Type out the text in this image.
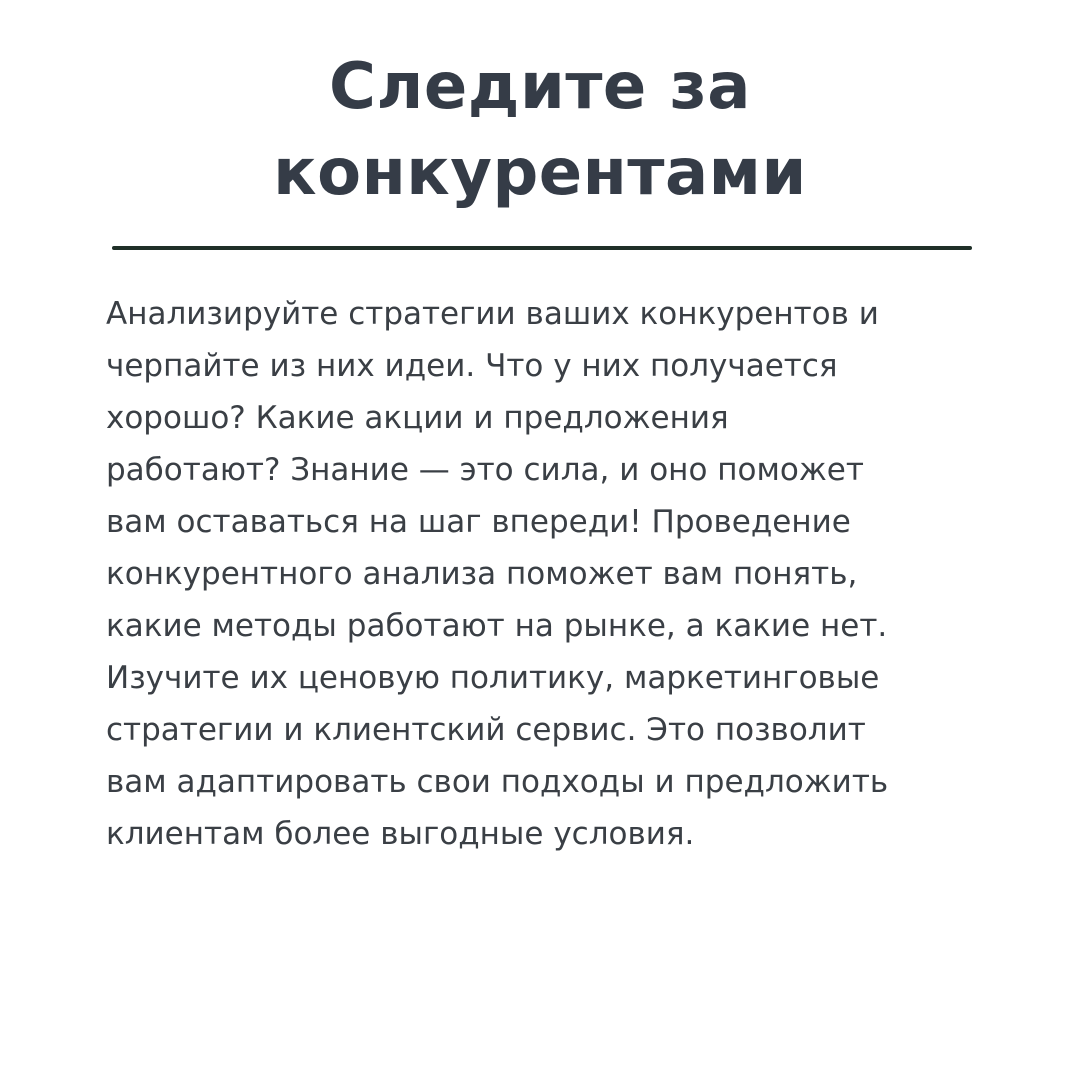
Следите за
конкурентами

Анализируйте стратегии ваших конкурентов и
черпайте из них идеи. Что у них получается
хорошо? Какие акции и предложения
работают? Знание — это сила, и оно поможет
вам оставаться на шаг впереди! Проведение
конкурентного анализа поможет вам понять,
какие методы работают на рынке, а какие нет.
Изучите их ценовую политику, маркетинговые
стратегии и клиентский сервис. Это позволит
вам адаптировать свои подходы и предложить
клиентам более выгодные условия.
